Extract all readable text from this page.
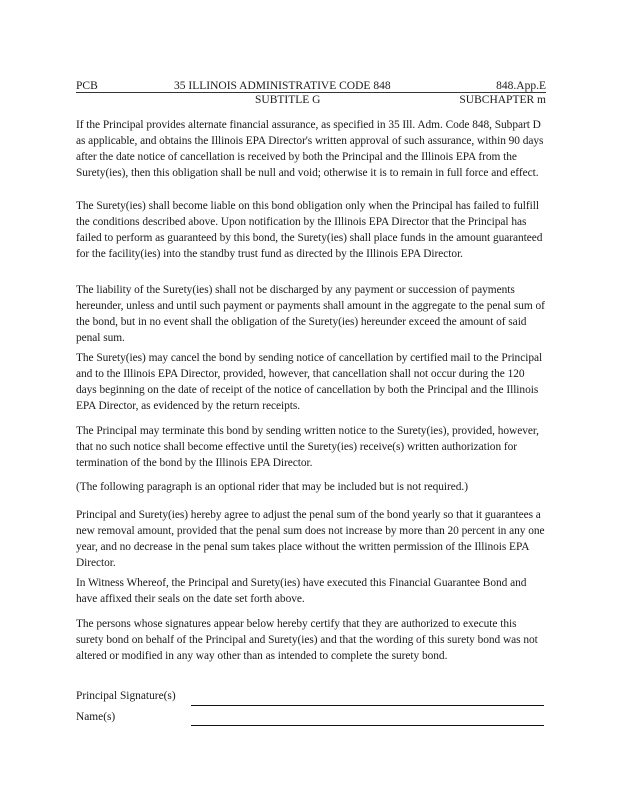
PCB	35 ILLINOIS ADMINISTRATIVE CODE 848	848.App.E
SUBTITLE G	SUBCHAPTER m

If the Principal provides alternate financial assurance, as specified in 35 Ill. Adm. Code 848, Subpart D as applicable, and obtains the Illinois EPA Director's written approval of such assurance, within 90 days after the date notice of cancellation is received by both the Principal and the Illinois EPA from the Surety(ies), then this obligation shall be null and void; otherwise it is to remain in full force and effect.

The Surety(ies) shall become liable on this bond obligation only when the Principal has failed to fulfill the conditions described above. Upon notification by the Illinois EPA Director that the Principal has failed to perform as guaranteed by this bond, the Surety(ies) shall place funds in the amount guaranteed for the facility(ies) into the standby trust fund as directed by the Illinois EPA Director.

The liability of the Surety(ies) shall not be discharged by any payment or succession of payments hereunder, unless and until such payment or payments shall amount in the aggregate to the penal sum of the bond, but in no event shall the obligation of the Surety(ies) hereunder exceed the amount of said penal sum.

The Surety(ies) may cancel the bond by sending notice of cancellation by certified mail to the Principal and to the Illinois EPA Director, provided, however, that cancellation shall not occur during the 120 days beginning on the date of receipt of the notice of cancellation by both the Principal and the Illinois EPA Director, as evidenced by the return receipts.

The Principal may terminate this bond by sending written notice to the Surety(ies), provided, however, that no such notice shall become effective until the Surety(ies) receive(s) written authorization for termination of the bond by the Illinois EPA Director.

(The following paragraph is an optional rider that may be included but is not required.)

Principal and Surety(ies) hereby agree to adjust the penal sum of the bond yearly so that it guarantees a new removal amount, provided that the penal sum does not increase by more than 20 percent in any one year, and no decrease in the penal sum takes place without the written permission of the Illinois EPA Director.

In Witness Whereof, the Principal and Surety(ies) have executed this Financial Guarantee Bond and have affixed their seals on the date set forth above.

The persons whose signatures appear below hereby certify that they are authorized to execute this surety bond on behalf of the Principal and Surety(ies) and that the wording of this surety bond was not altered or modified in any way other than as intended to complete the surety bond.

Principal Signature(s)
Name(s)
